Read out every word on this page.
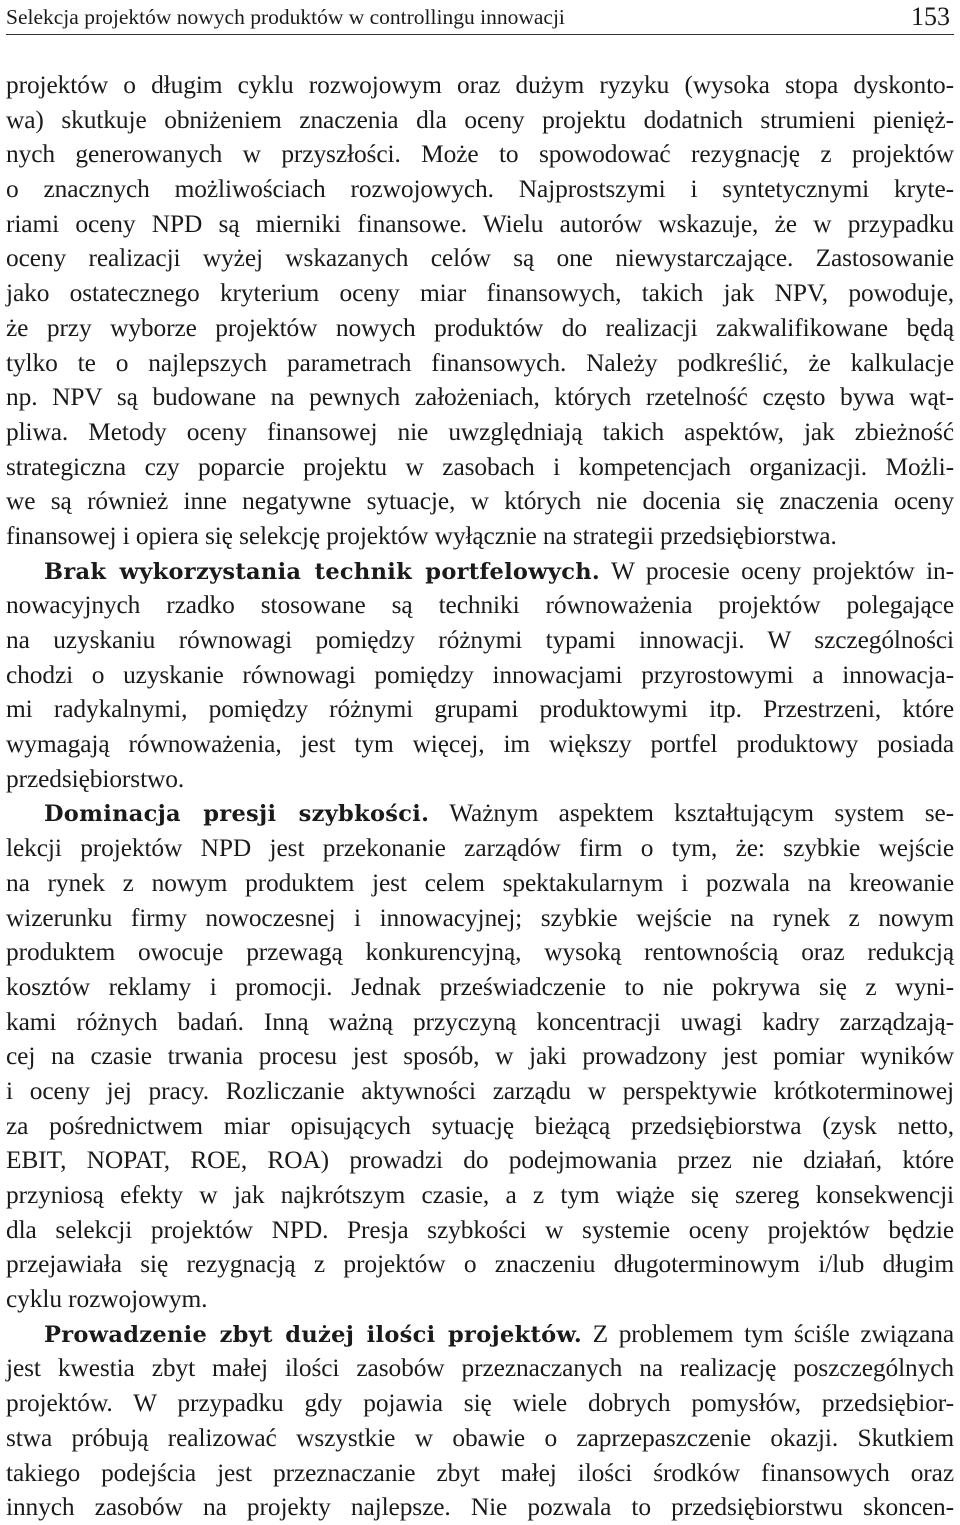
Selekcja projektów nowych produktów w controllingu innowacji	153
projektów o długim cyklu rozwojowym oraz dużym ryzyku (wysoka stopa dyskonto-
wa) skutkuje obniżeniem znaczenia dla oceny projektu dodatnich strumieni pienięż-
nych generowanych w przyszłości. Może to spowodować rezygnację z projektów
o znacznych możliwościach rozwojowych. Najprostszymi i syntetycznymi kryte-
riami oceny NPD są mierniki finansowe. Wielu autorów wskazuje, że w przypadku
oceny realizacji wyżej wskazanych celów są one niewystarczające. Zastosowanie
jako ostatecznego kryterium oceny miar finansowych, takich jak NPV, powoduje,
że przy wyborze projektów nowych produktów do realizacji zakwalifikowane będą
tylko te o najlepszych parametrach finansowych. Należy podkreślić, że kalkulacje
np. NPV są budowane na pewnych założeniach, których rzetelność często bywa wąt-
pliwa. Metody oceny finansowej nie uwzględniają takich aspektów, jak zbieżność
strategiczna czy poparcie projektu w zasobach i kompetencjach organizacji. Możli-
we są również inne negatywne sytuacje, w których nie docenia się znaczenia oceny
finansowej i opiera się selekcję projektów wyłącznie na strategii przedsiębiorstwa.
Brak wykorzystania technik portfelowych. W procesie oceny projektów in-
nowacyjnych rzadko stosowane są techniki równoważenia projektów polegające
na uzyskaniu równowagi pomiędzy różnymi typami innowacji. W szczególności
chodzi o uzyskanie równowagi pomiędzy innowacjami przyrostowymi a innowacja-
mi radykalnymi, pomiędzy różnymi grupami produktowymi itp. Przestrzeni, które
wymagają równoważenia, jest tym więcej, im większy portfel produktowy posiada
przedsiębiorstwo.
Dominacja presji szybkości. Ważnym aspektem kształtującym system se-
lekcji projektów NPD jest przekonanie zarządów firm o tym, że: szybkie wejście
na rynek z nowym produktem jest celem spektakularnym i pozwala na kreowanie
wizerunku firmy nowoczesnej i innowacyjnej; szybkie wejście na rynek z nowym
produktem owocuje przewagą konkurencyjną, wysoką rentownością oraz redukcją
kosztów reklamy i promocji. Jednak przeświadczenie to nie pokrywa się z wyni-
kami różnych badań. Inną ważną przyczyną koncentracji uwagi kadry zarządzają-
cej na czasie trwania procesu jest sposób, w jaki prowadzony jest pomiar wyników
i oceny jej pracy. Rozliczanie aktywności zarządu w perspektywie krótkoterminowej
za pośrednictwem miar opisujących sytuację bieżącą przedsiębiorstwa (zysk netto,
EBIT, NOPAT, ROE, ROA) prowadzi do podejmowania przez nie działań, które
przyniosą efekty w jak najkrótszym czasie, a z tym wiąże się szereg konsekwencji
dla selekcji projektów NPD. Presja szybkości w systemie oceny projektów będzie
przejawiała się rezygnacją z projektów o znaczeniu długoterminowym i/lub długim
cyklu rozwojowym.
Prowadzenie zbyt dużej ilości projektów. Z problemem tym ściśle związana
jest kwestia zbyt małej ilości zasobów przeznaczanych na realizację poszczególnych
projektów. W przypadku gdy pojawia się wiele dobrych pomysłów, przedsiębior-
stwa próbują realizować wszystkie w obawie o zaprzepaszczenie okazji. Skutkiem
takiego podejścia jest przeznaczanie zbyt małej ilości środków finansowych oraz
innych zasobów na projekty najlepsze. Nie pozwala to przedsiębiorstwu skoncen-
